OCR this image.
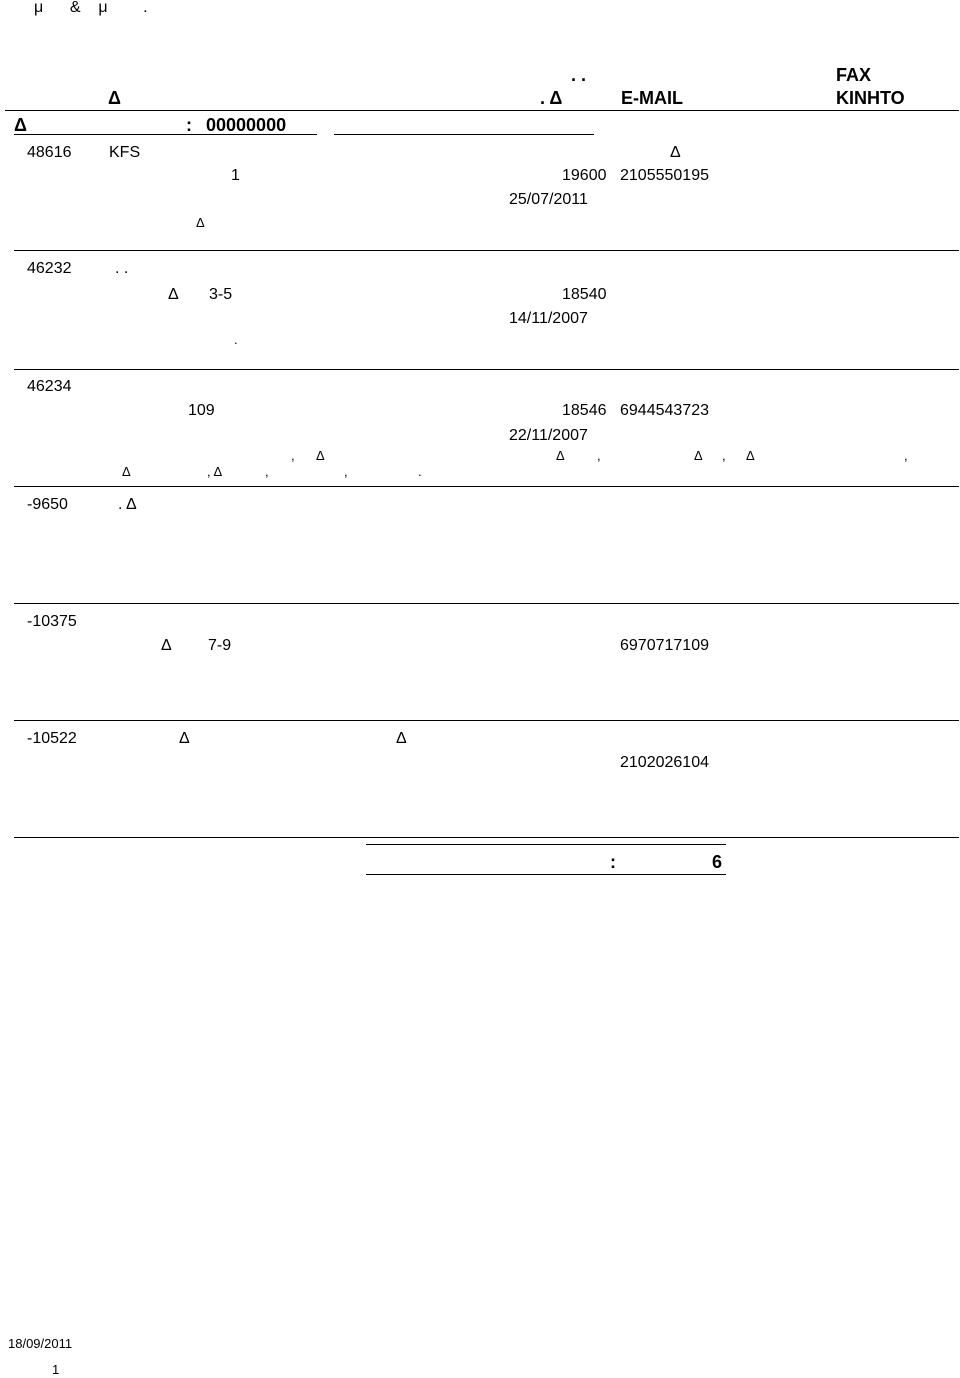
μ      &    μ        .
. .	FAX
Δ	. Δ	E-MAIL	ΚΙΝΗΤΟ
Δ	: 00000000
48616 KFS	Δ
1	19600 2105550195
25/07/2011
Δ
46232	. .
Δ 3-5	18540
14/11/2007
.
46234
109	18546 6944543723
22/11/2007
, Δ	Δ ,	Δ , Δ	,
Δ	, Δ	,	,	.
-9650	. Δ
-10375
Δ 7-9	6970717109
-10522	Δ	Δ
2102026104
:	6
18/09/2011
1
